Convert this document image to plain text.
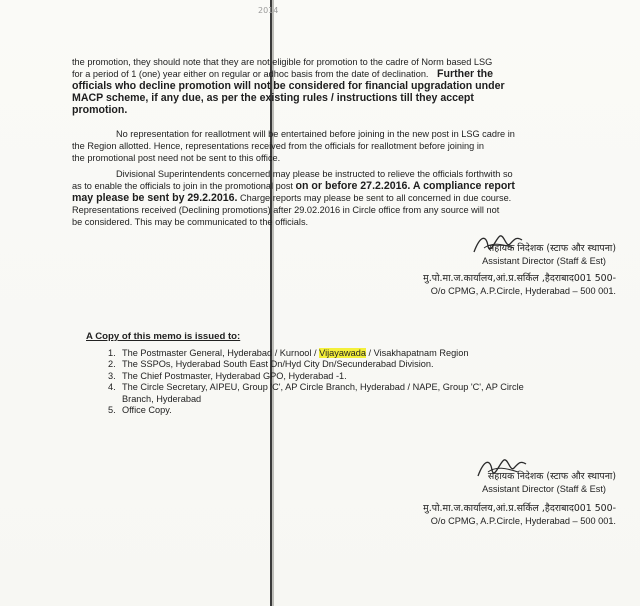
2014
the promotion, they should note that they are not eligible for promotion to the cadre of Norm based LSG
for a period of 1 (one) year either on regular or adhoc basis from the date of declination. Further the
officials who decline promotion will not be considered for financial upgradation under
MACP scheme, if any due, as per the existing rules / instructions till they accept
promotion.
No representation for reallotment will be entertained before joining in the new post in LSG cadre in
the Region allotted. Hence, representations received from the officials for reallotment before joining in
the promotional post need not be sent to this office.
Divisional Superintendents concerned may please be instructed to relieve the officials forthwith so
as to enable the officials to join in the promotional post on or before 27.2.2016. A compliance report
may please be sent by 29.2.2016. Charge reports may please be sent to all concerned in due course.
Representations received (Declining promotions) after 29.02.2016 in Circle office from any source will not
be considered. This may be communicated to the officials.
सहायक निदेशक (स्टाफ और स्थापना)
Assistant Director (Staff & Est)
मु.पो.मा.ज.कार्यालय,आं.प्र.सर्किल ,हैदराबाद001 500-
O/o CPMG, A.P.Circle, Hyderabad – 500 001.
A Copy of this memo is issued to:
1. The Postmaster General, Hyderabad / Kurnool / Vijayawada / Visakhapatnam Region
2. The SSPOs, Hyderabad South East Dn/Hyd City Dn/Secunderabad Division.
3. The Chief Postmaster, Hyderabad GPO, Hyderabad -1.
4. The Circle Secretary, AIPEU, Group 'C', AP Circle Branch, Hyderabad / NAPE, Group 'C', AP Circle
Branch, Hyderabad
5. Office Copy.
सहायक निदेशक (स्टाफ और स्थापना)
Assistant Director (Staff & Est)
मु.पो.मा.ज.कार्यालय,आं.प्र.सर्किल ,हैदराबाद001 500-
O/o CPMG, A.P.Circle, Hyderabad – 500 001.
